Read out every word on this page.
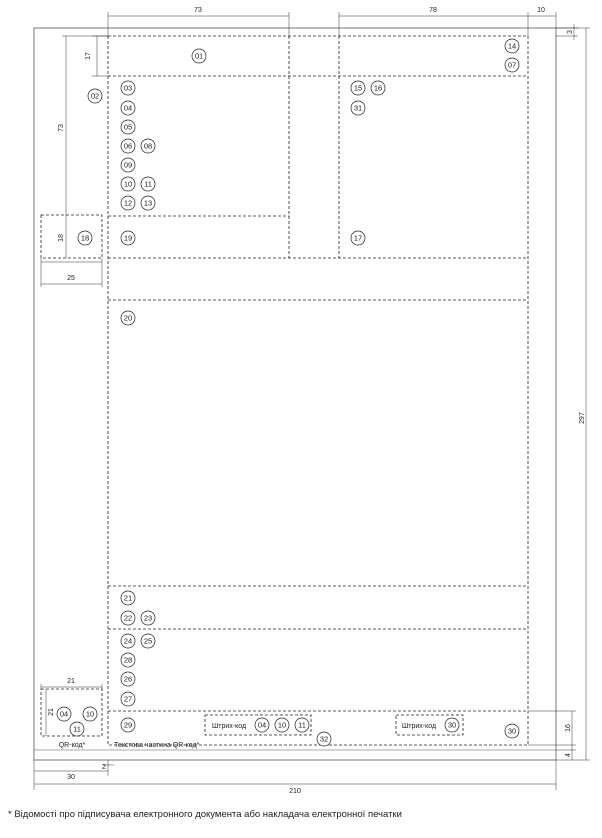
73	78	10
3
17
73
18
25
297
21
21
16
4
30
2
210
QR-код*	Текстова частина QR-код*
Штрих-код	Штрих-код
01
02
03
04
05
06 08
09
10 11
12 13
19
18
14
07
15 16
31
17
20
21
22 23
24 25
28
26
27
29
30
32
04 10
11	04 10 11	30
* Відомості про підписувача електронного документа або накладача електронної печатки
